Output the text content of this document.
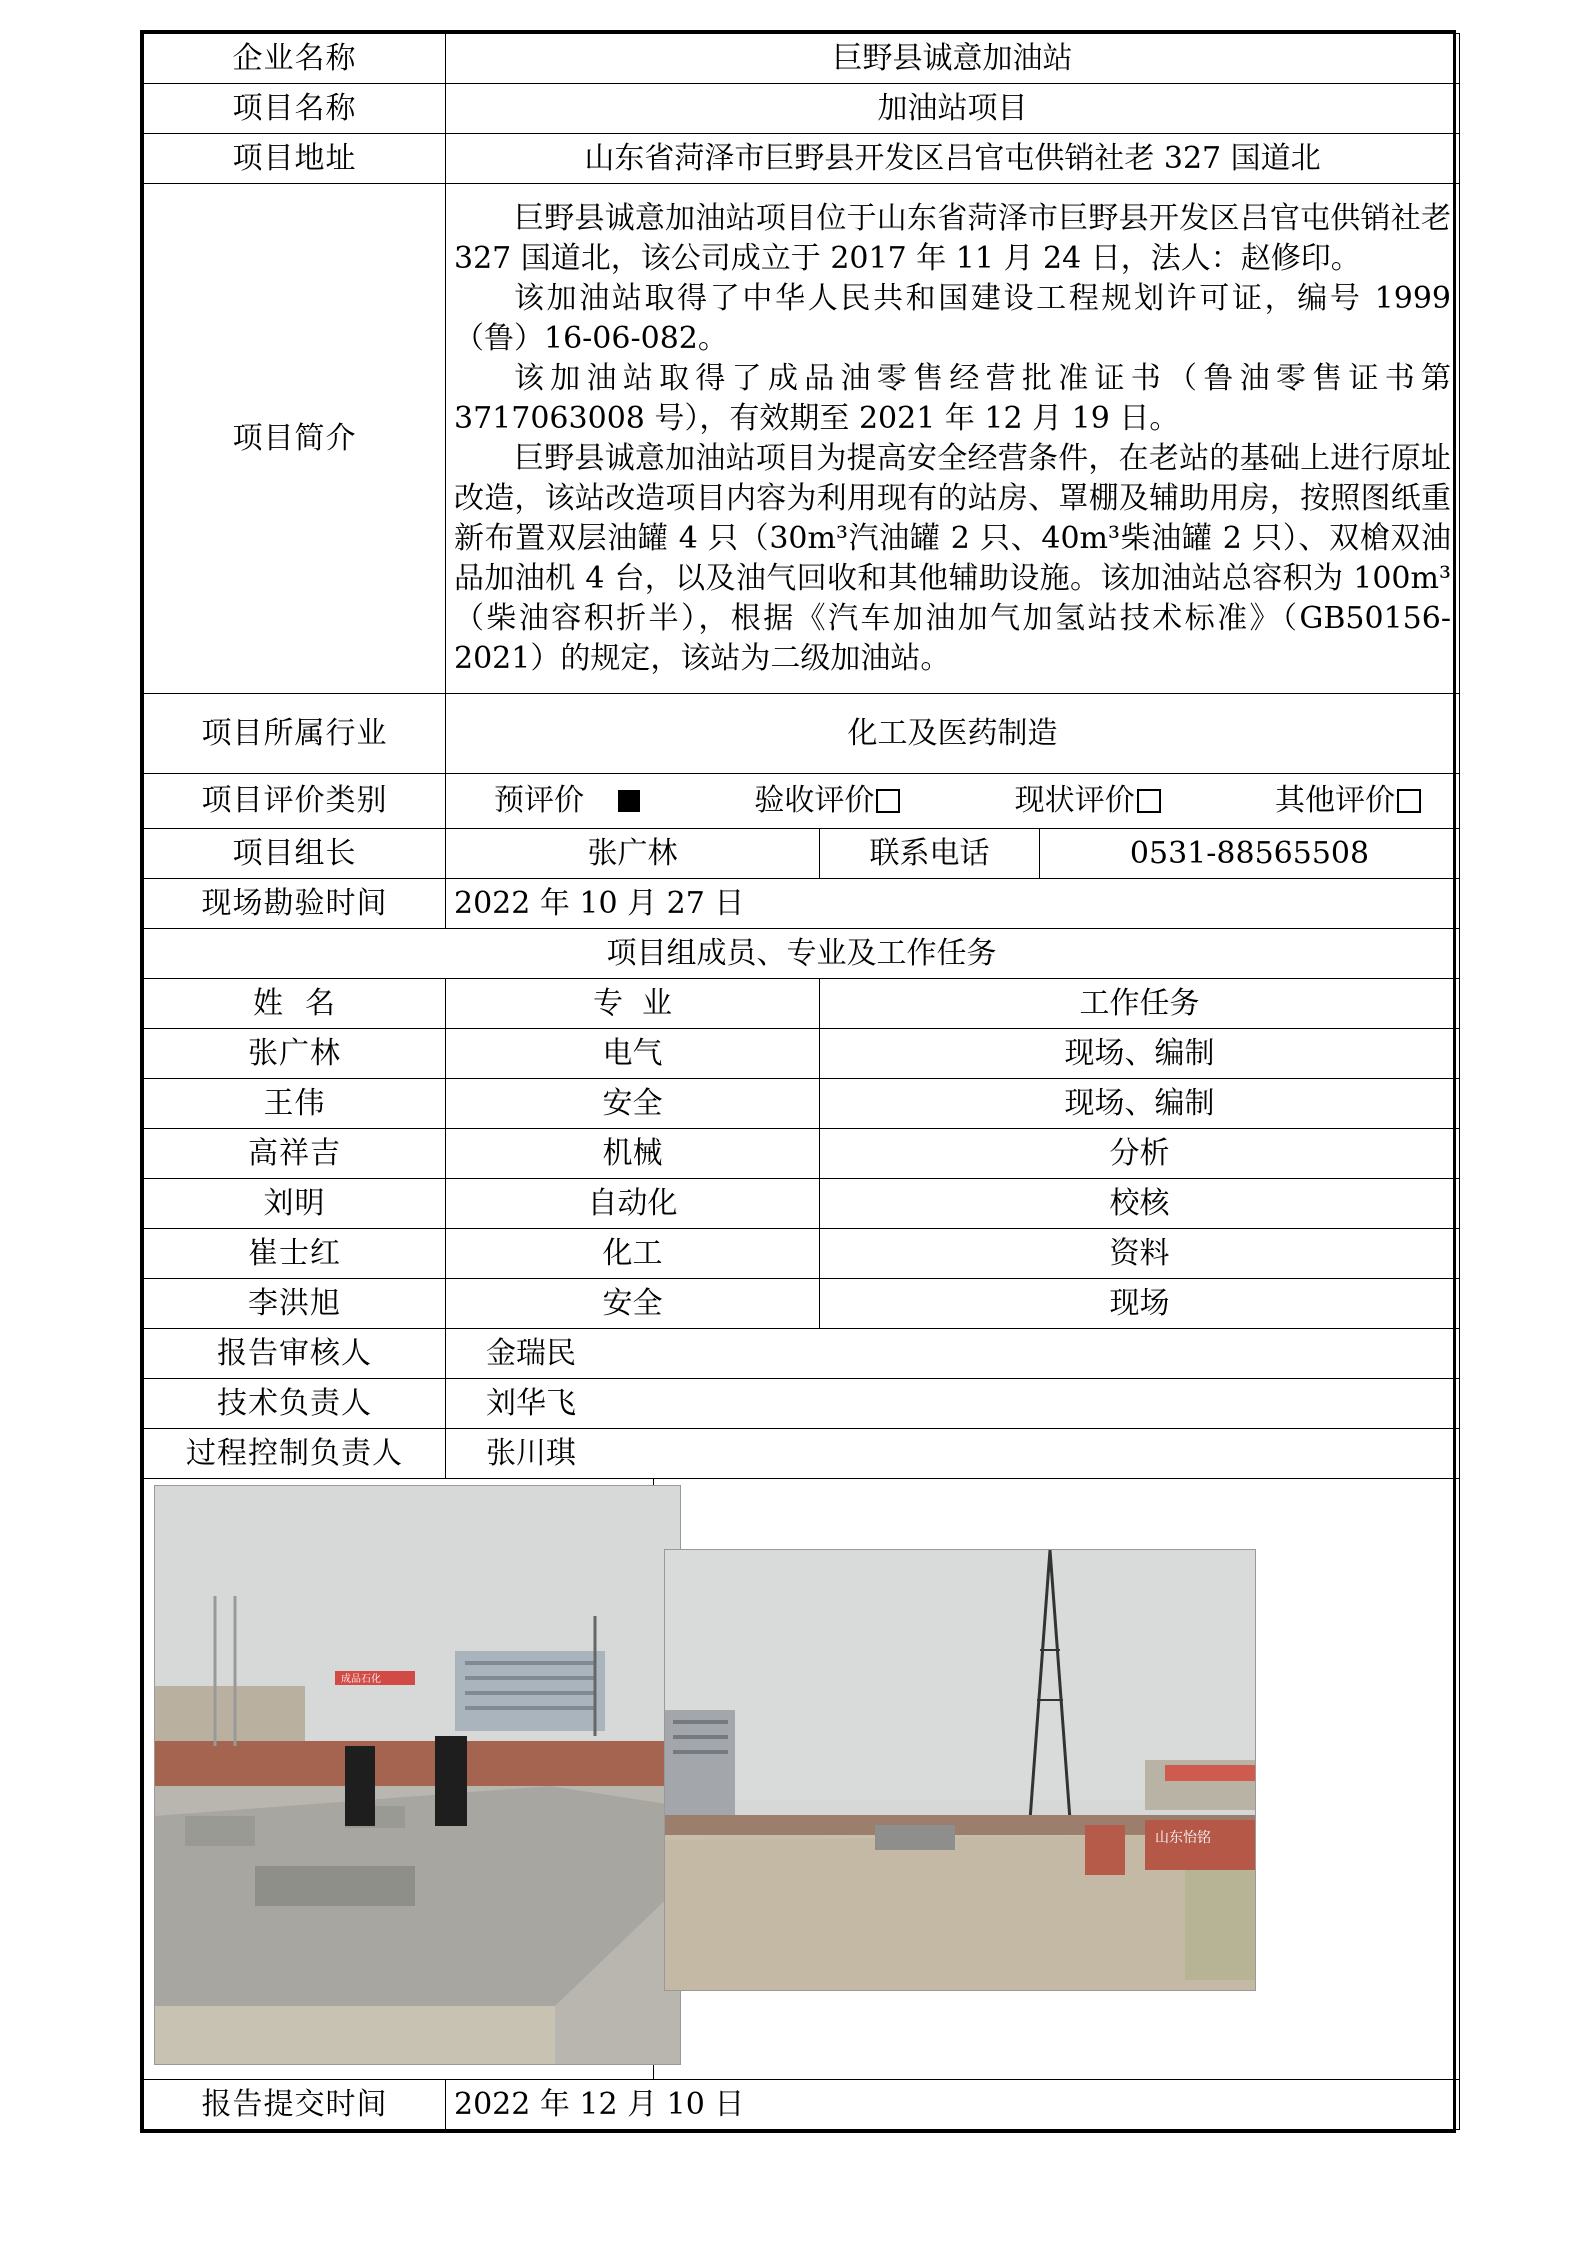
企业名称	巨野县诚意加油站			
项目名称	加油站项目			
项目地址	山东省菏泽市巨野县开发区吕官屯供销社老 327 国道北			
项目简介	巨野县诚意加油站项目位于山东省菏泽市巨野县开发区吕官屯供销社老 327 国道北，该公司成立于 2017 年 11 月 24 日，法人：赵修印。

该加油站取得了中华人民共和国建设工程规划许可证，编号 1999（鲁）16-06-082。

该加油站取得了成品油零售经营批准证书（鲁油零售证书第 3717063008 号），有效期至 2021 年 12 月 19 日。

巨野县诚意加油站项目为提高安全经营条件，在老站的基础上进行原址改造，该站改造项目内容为利用现有的站房、罩棚及辅助用房，按照图纸重新布置双层油罐 4 只（30m³汽油罐 2 只、40m³柴油罐 2 只）、双槍双油品加油机 4 台，以及油气回收和其他辅助设施。该加油站总容积为 100m³（柴油容积折半），根据《汽车加油加气加氢站技术标准》（GB50156-2021）的规定，该站为二级加油站。			

项目所属行业	化工及医药制造			
项目评价类别	预评价 验收评价 现状评价 其他评价			

项目组长	张广林		联系电话	0531-88565508
现场勘验时间	2022 年 10 月 27 日			
项目组成员、专业及工作任务				
姓  名	专  业		工作任务	
张广林	电气		现场、编制	
王伟	安全		现场、编制	
高祥吉	机械		分析	
刘明	自动化		校核	
崔士红	化工		资料	
李洪旭	安全		现场	
报告审核人	金瑞民			
技术负责人	刘华飞			
过程控制负责人	张川琪			

成品石化		山东怡铭		

报告提交时间	2022 年 12 月 10 日			
